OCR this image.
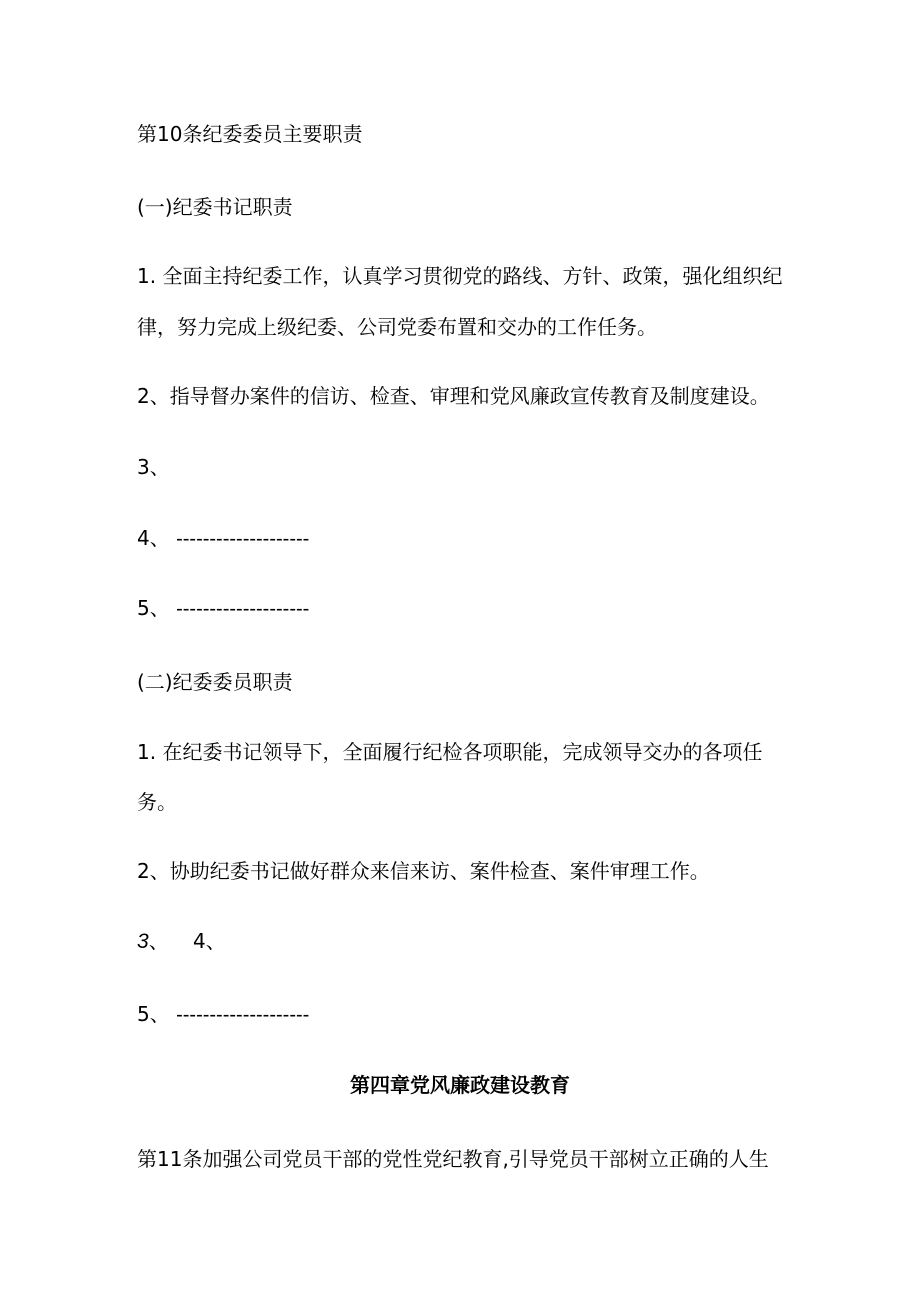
第10条纪委委员主要职责

(一)纪委书记职责

1. 全面主持纪委工作，认真学习贯彻党的路线、方针、政策，强化组织纪

律，努力完成上级纪委、公司党委布置和交办的工作任务。

2、指导督办案件的信访、检查、审理和党风廉政宣传教育及制度建设。

3、

4、 --------------------

5、 --------------------

(二)纪委委员职责

1. 在纪委书记领导下，全面履行纪检各项职能，完成领导交办的各项任

务。

2、协助纪委书记做好群众来信来访、案件检查、案件审理工作。

3、 4、

5、 --------------------

第四章党风廉政建设教育

第11条加强公司党员干部的党性党纪教育,引导党员干部树立正确的人生
